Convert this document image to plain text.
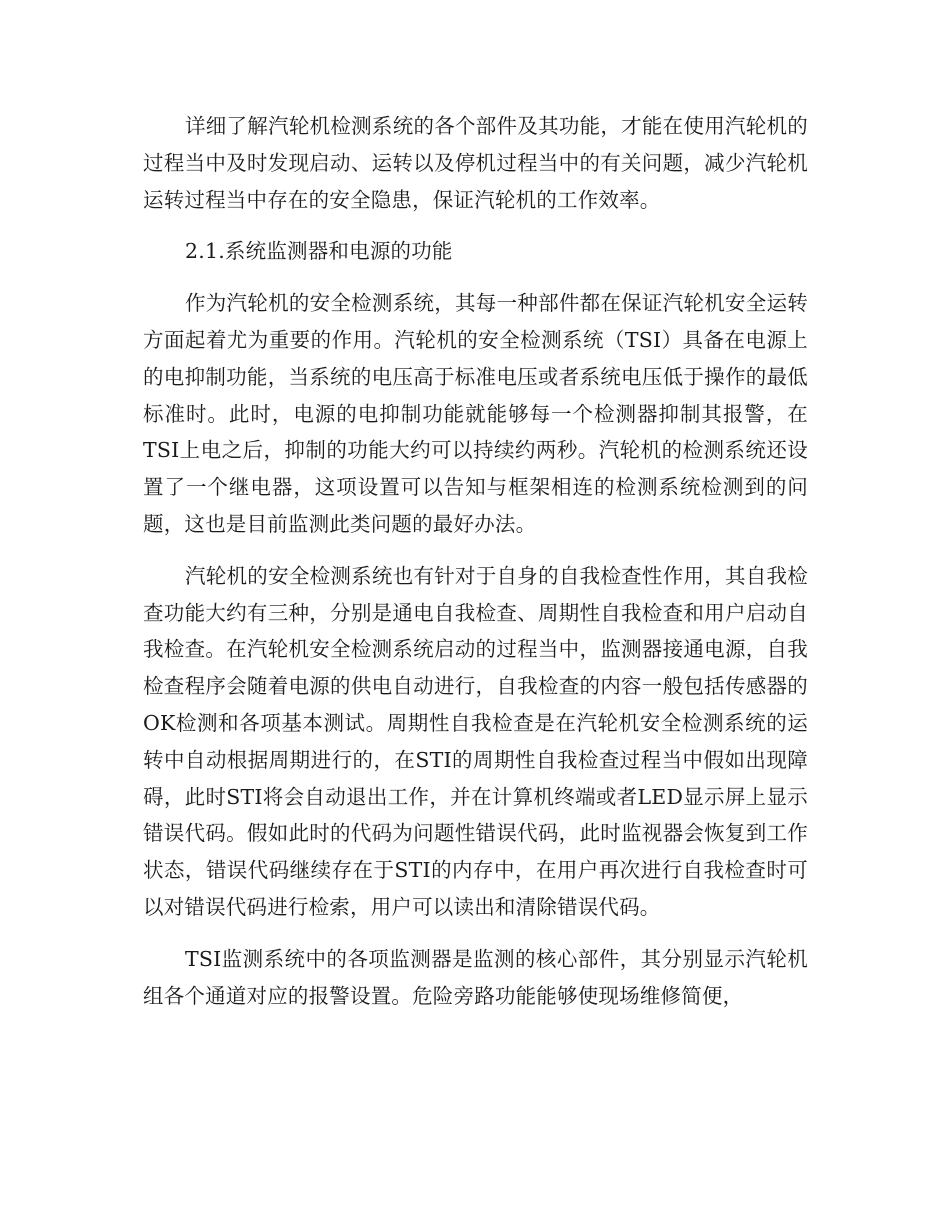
详细了解汽轮机检测系统的各个部件及其功能，才能在使用汽轮机的过程当中及时发现启动、运转以及停机过程当中的有关问题，减少汽轮机运转过程当中存在的安全隐患，保证汽轮机的工作效率。

2.1.系统监测器和电源的功能

作为汽轮机的安全检测系统，其每一种部件都在保证汽轮机安全运转方面起着尤为重要的作用。汽轮机的安全检测系统（TSI）具备在电源上的电抑制功能，当系统的电压高于标准电压或者系统电压低于操作的最低标准时。此时，电源的电抑制功能就能够每一个检测器抑制其报警，在TSI上电之后，抑制的功能大约可以持续约两秒。汽轮机的检测系统还设置了一个继电器，这项设置可以告知与框架相连的检测系统检测到的问题，这也是目前监测此类问题的最好办法。

汽轮机的安全检测系统也有针对于自身的自我检查性作用，其自我检查功能大约有三种，分别是通电自我检查、周期性自我检查和用户启动自我检查。在汽轮机安全检测系统启动的过程当中，监测器接通电源，自我检查程序会随着电源的供电自动进行，自我检查的内容一般包括传感器的OK检测和各项基本测试。周期性自我检查是在汽轮机安全检测系统的运转中自动根据周期进行的，在STI的周期性自我检查过程当中假如出现障碍，此时STI将会自动退出工作，并在计算机终端或者LED显示屏上显示错误代码。假如此时的代码为问题性错误代码，此时监视器会恢复到工作状态，错误代码继续存在于STI的内存中，在用户再次进行自我检查时可以对错误代码进行检索，用户可以读出和清除错误代码。

TSI监测系统中的各项监测器是监测的核心部件，其分别显示汽轮机组各个通道对应的报警设置。危险旁路功能能够使现场维修简便，
